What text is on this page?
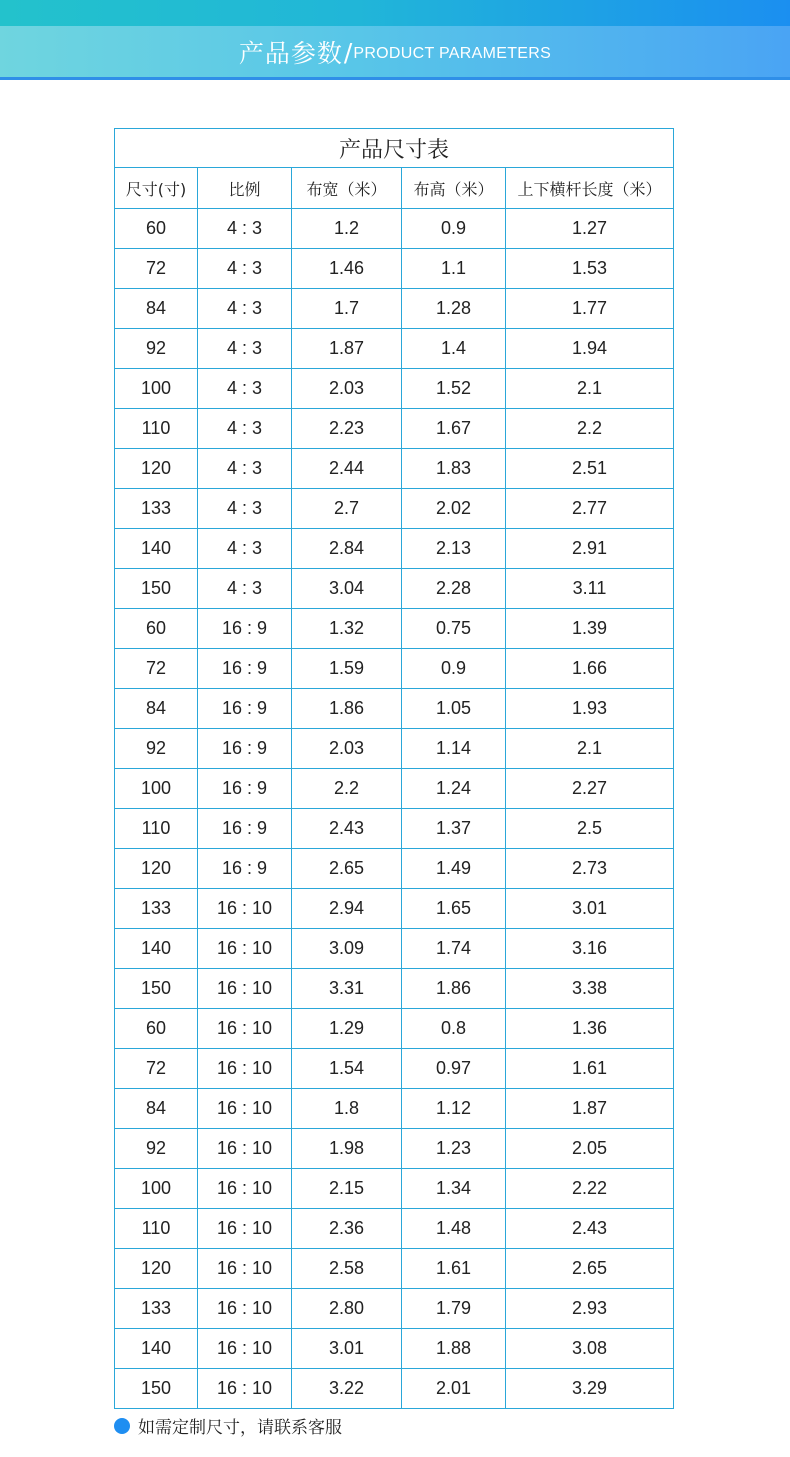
产品参数 / PRODUCT PARAMETERS
产品尺寸表				
尺寸(寸)	比例	布宽（米）	布高（米）	上下横杆长度（米）
60	4 : 3	1.2	0.9	1.27
72	4 : 3	1.46	1.1	1.53
84	4 : 3	1.7	1.28	1.77
92	4 : 3	1.87	1.4	1.94
100	4 : 3	2.03	1.52	2.1
110	4 : 3	2.23	1.67	2.2
120	4 : 3	2.44	1.83	2.51
133	4 : 3	2.7	2.02	2.77
140	4 : 3	2.84	2.13	2.91
150	4 : 3	3.04	2.28	3.11
60	16 : 9	1.32	0.75	1.39
72	16 : 9	1.59	0.9	1.66
84	16 : 9	1.86	1.05	1.93
92	16 : 9	2.03	1.14	2.1
100	16 : 9	2.2	1.24	2.27
110	16 : 9	2.43	1.37	2.5
120	16 : 9	2.65	1.49	2.73
133	16 : 10	2.94	1.65	3.01
140	16 : 10	3.09	1.74	3.16
150	16 : 10	3.31	1.86	3.38
60	16 : 10	1.29	0.8	1.36
72	16 : 10	1.54	0.97	1.61
84	16 : 10	1.8	1.12	1.87
92	16 : 10	1.98	1.23	2.05
100	16 : 10	2.15	1.34	2.22
110	16 : 10	2.36	1.48	2.43
120	16 : 10	2.58	1.61	2.65
133	16 : 10	2.80	1.79	2.93
140	16 : 10	3.01	1.88	3.08
150	16 : 10	3.22	2.01	3.29
如需定制尺寸，请联系客服
